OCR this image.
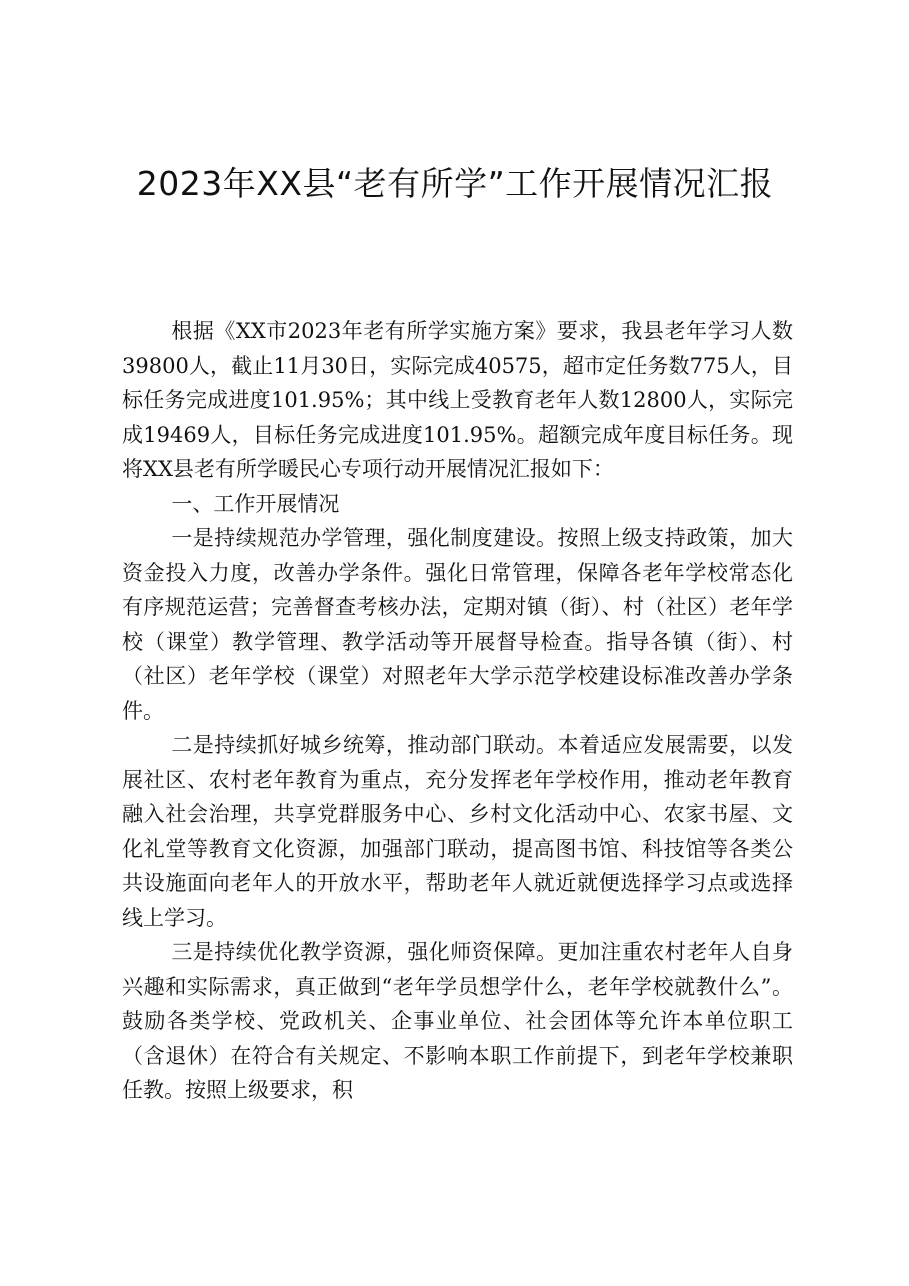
2023年XX县“老有所学”工作开展情况汇报

根据《XX市2023年老有所学实施方案》要求，我县老年学习人数39800人，截止11月30日，实际完成40575，超市定任务数775人，目标任务完成进度101.95%；其中线上受教育老年人数12800人，实际完成19469人，目标任务完成进度101.95%。超额完成年度目标任务。现将XX县老有所学暖民心专项行动开展情况汇报如下：

一、工作开展情况

一是持续规范办学管理，强化制度建设。按照上级支持政策，加大资金投入力度，改善办学条件。强化日常管理，保障各老年学校常态化有序规范运营；完善督查考核办法，定期对镇（街）、村（社区）老年学校（课堂）教学管理、教学活动等开展督导检查。指导各镇（街）、村（社区）老年学校（课堂）对照老年大学示范学校建设标准改善办学条件。

二是持续抓好城乡统筹，推动部门联动。本着适应发展需要，以发展社区、农村老年教育为重点，充分发挥老年学校作用，推动老年教育融入社会治理，共享党群服务中心、乡村文化活动中心、农家书屋、文化礼堂等教育文化资源，加强部门联动，提高图书馆、科技馆等各类公共设施面向老年人的开放水平，帮助老年人就近就便选择学习点或选择线上学习。

三是持续优化教学资源，强化师资保障。更加注重农村老年人自身兴趣和实际需求，真正做到“老年学员想学什么，老年学校就教什么”。鼓励各类学校、党政机关、企事业单位、社会团体等允许本单位职工（含退休）在符合有关规定、不影响本职工作前提下，到老年学校兼职任教。按照上级要求，积
